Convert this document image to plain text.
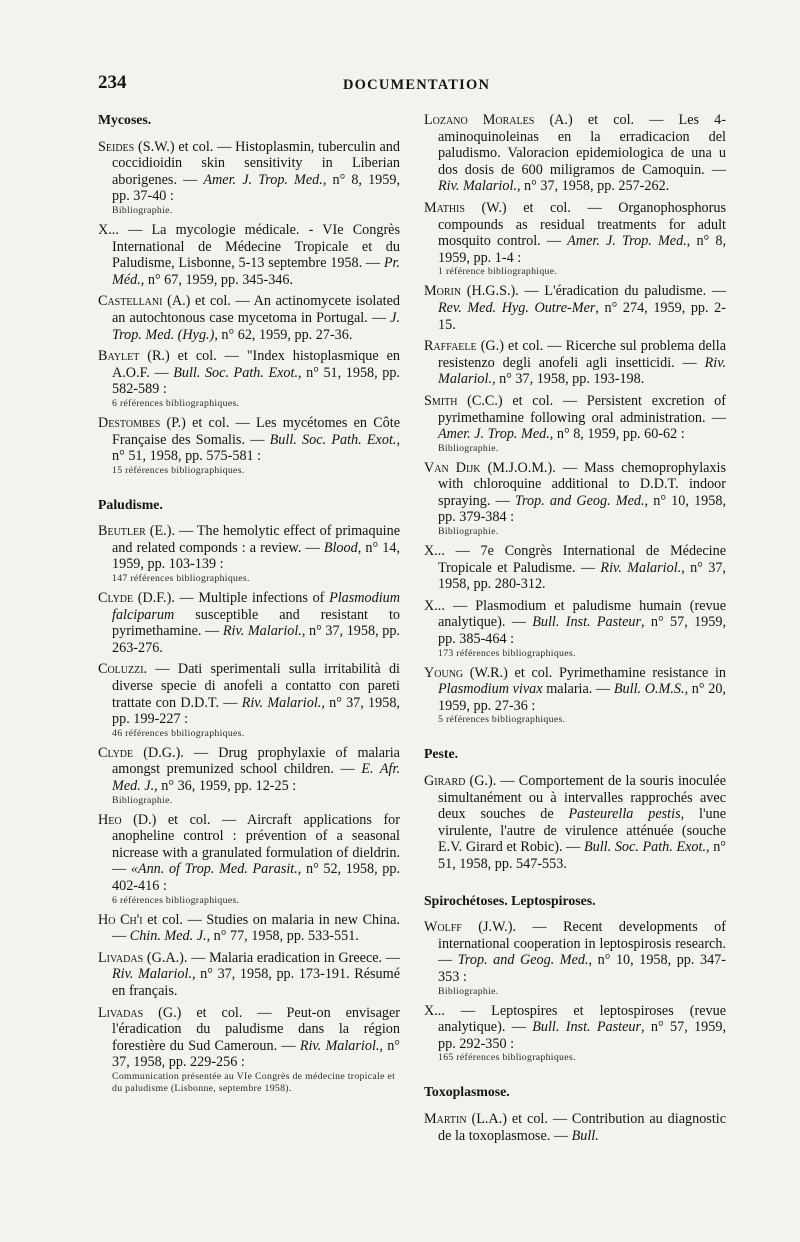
234	DOCUMENTATION
Mycoses.
Seides (S.W.) et col. — Histoplasmin, tuberculin and coccidioidin skin sensitivity in Liberian aborigenes. — Amer. J. Trop. Med., n° 8, 1959, pp. 37-40 :
Bibliographie.
X... — La mycologie médicale. - VIe Congrès International de Médecine Tropicale et du Paludisme, Lisbonne, 5-13 septembre 1958. — Pr. Méd., n° 67, 1959, pp. 345-346.
Castellani (A.) et col. — An actinomycete isolated an autochtonous case mycetoma in Portugal. — J. Trop. Med. (Hyg.), n° 62, 1959, pp. 27-36.
Baylet (R.) et col. — "Index histoplasmique en A.O.F. — Bull. Soc. Path. Exot., n° 51, 1958, pp. 582-589 :
6 références bibliographiques.
Destombes (P.) et col. — Les mycétomes en Côte Française des Somalis. — Bull. Soc. Path. Exot., n° 51, 1958, pp. 575-581 :
15 références bibliographiques.
Paludisme.
Beutler (E.). — The hemolytic effect of primaquine and related componds : a review. — Blood, n° 14, 1959, pp. 103-139 :
147 références bibliographiques.
Clyde (D.F.). — Multiple infections of Plasmodium falciparum susceptible and resistant to pyrimethamine. — Riv. Malariol., n° 37, 1958, pp. 263-276.
Coluzzi. — Dati sperimentali sulla irritabilità di diverse specie di anofeli a contatto con pareti trattate con D.D.T. — Riv. Malariol., n° 37, 1958, pp. 199-227 :
46 références bbiliographiques.
Clyde (D.G.). — Drug prophylaxie of malaria amongst premunized school children. — E. Afr. Med. J., n° 36, 1959, pp. 12-25 :
Bibliographie.
Heo (D.) et col. — Aircraft applications for anopheline control : prévention of a seasonal nicrease with a granulated formulation of dieldrin. — «Ann. of Trop. Med. Parasit., n° 52, 1958, pp. 402-416 :
6 références bibliographiques.
Ho Ch'i et col. — Studies on malaria in new China. — Chin. Med. J., n° 77, 1958, pp. 533-551.
Livadas (G.A.). — Malaria eradication in Greece. — Riv. Malariol., n° 37, 1958, pp. 173-191. Résumé en français.
Livadas (G.) et col. — Peut-on envisager l'éradication du paludisme dans la région forestière du Sud Cameroun. — Riv. Malariol., n° 37, 1958, pp. 229-256 :
Communication présentée au VIe Congrès de médecine tropicale et du paludisme (Lisbonne, septembre 1958).
Lozano Morales (A.) et col. — Les 4-aminoquinoleinas en la erradicacion del paludismo. Valoracion epidemiologica de una u dos dosis de 600 miligramos de Camoquin. — Riv. Malariol., n° 37, 1958, pp. 257-262.
Mathis (W.) et col. — Organophosphorus compounds as residual treatments for adult mosquito control. — Amer. J. Trop. Med., n° 8, 1959, pp. 1-4 :
1 référence bibliographique.
Morin (H.G.S.). — L'éradication du paludisme. — Rev. Med. Hyg. Outre-Mer, n° 274, 1959, pp. 2-15.
Raffaele (G.) et col. — Ricerche sul problema della resistenzo degli anofeli agli insetticidi. — Riv. Malariol., n° 37, 1958, pp. 193-198.
Smith (C.C.) et col. — Persistent excretion of pyrimethamine following oral administration. — Amer. J. Trop. Med., n° 8, 1959, pp. 60-62 :
Bibliographie.
Van Dijk (M.J.O.M.). — Mass chemoprophylaxis with chloroquine additional to D.D.T. indoor spraying. — Trop. and Geog. Med., n° 10, 1958, pp. 379-384 :
Bibliographie.
X... — 7e Congrès International de Médecine Tropicale et Paludisme. — Riv. Malariol., n° 37, 1958, pp. 280-312.
X... — Plasmodium et paludisme humain (revue analytique). — Bull. Inst. Pasteur, n° 57, 1959, pp. 385-464 :
173 références bibliographiques.
Young (W.R.) et col. Pyrimethamine resistance in Plasmodium vivax malaria. — Bull. O.M.S., n° 20, 1959, pp. 27-36 :
5 références bibliographiques.
Peste.
Girard (G.). — Comportement de la souris inoculée simultanément ou à intervalles rapprochés avec deux souches de Pasteurella pestis, l'une virulente, l'autre de virulence atténuée (souche E.V. Girard et Robic). — Bull. Soc. Path. Exot., n° 51, 1958, pp. 547-553.
Spirochétoses. Leptospiroses.
Wolff (J.W.). — Recent developments of international cooperation in leptospirosis research. — Trop. and Geog. Med., n° 10, 1958, pp. 347-353 :
Bibliographie.
X... — Leptospires et leptospiroses (revue analytique). — Bull. Inst. Pasteur, n° 57, 1959, pp. 292-350 :
165 références bibliographiques.
Toxoplasmose.
Martin (L.A.) et col. — Contribution au diagnostic de la toxoplasmose. — Bull.
